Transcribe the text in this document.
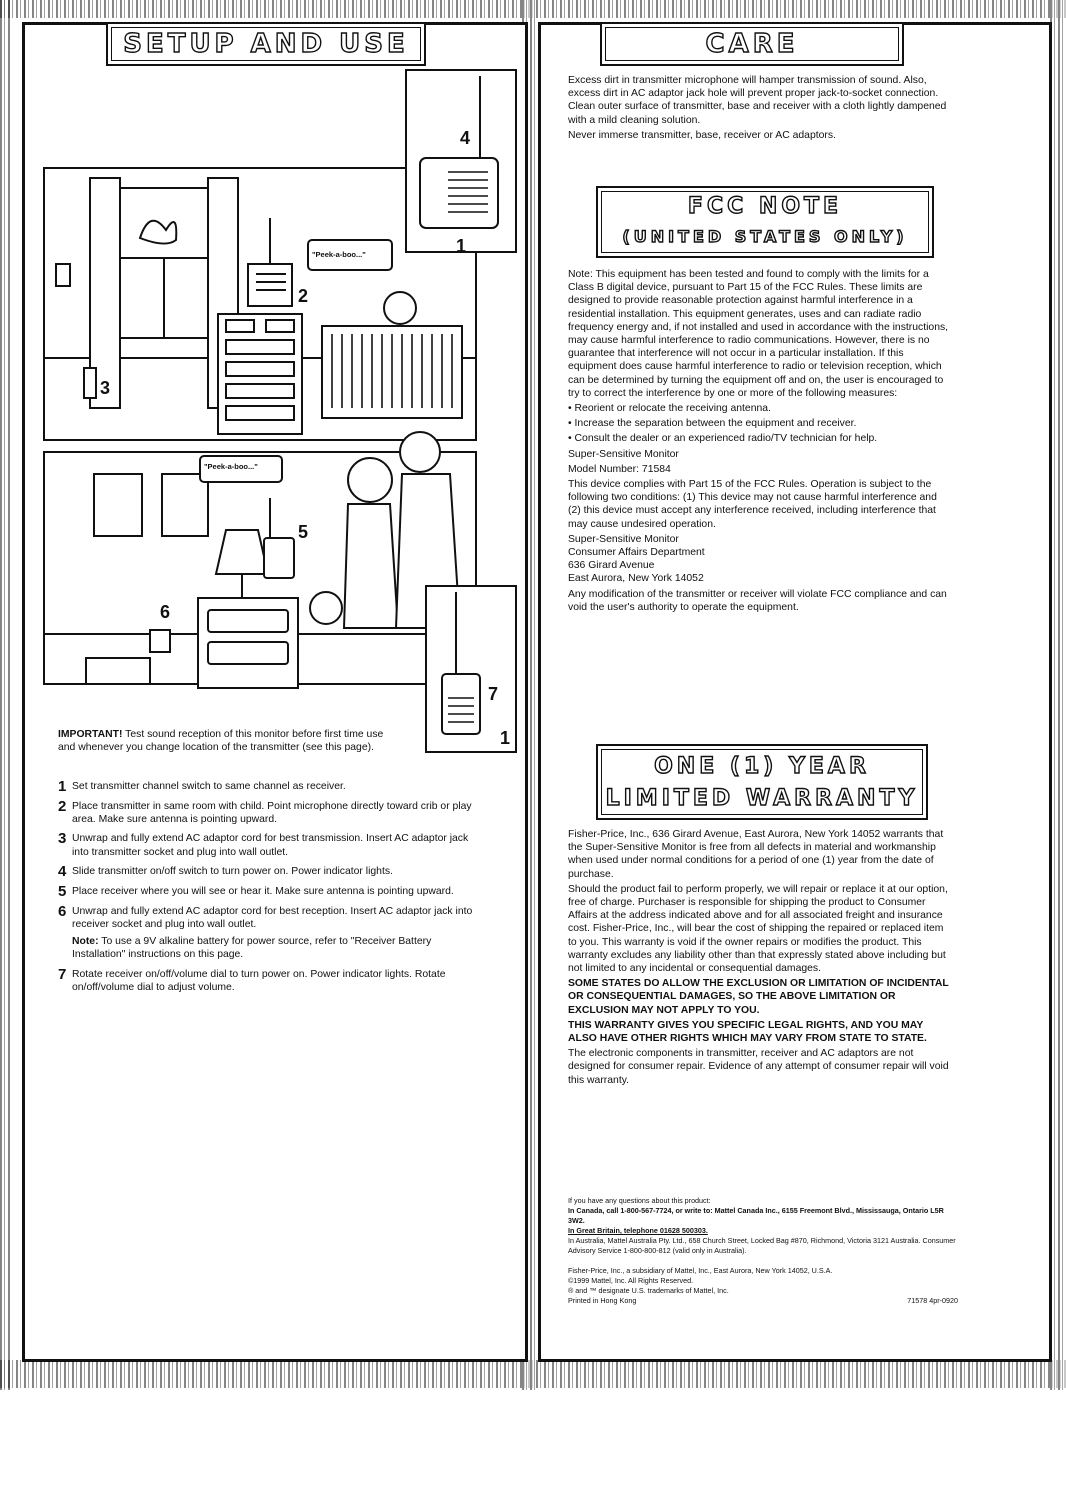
SETUP AND USE
4
1
2
3
5
6
7
1
"Peek-a-boo..."
"Peek-a-boo..."
IMPORTANT! Test sound reception of this monitor before first time use and whenever you change location of the transmitter (see this page).
1 Set transmitter channel switch to same channel as receiver.
2 Place transmitter in same room with child. Point microphone directly toward crib or play area. Make sure antenna is pointing upward.
3 Unwrap and fully extend AC adaptor cord for best transmission. Insert AC adaptor jack into transmitter socket and plug into wall outlet.
4 Slide transmitter on/off switch to turn power on. Power indicator lights.
5 Place receiver where you will see or hear it. Make sure antenna is pointing upward.
6 Unwrap and fully extend AC adaptor cord for best reception. Insert AC adaptor jack into receiver socket and plug into wall outlet.
Note: To use a 9V alkaline battery for power source, refer to "Receiver Battery Installation" instructions on this page.
7 Rotate receiver on/off/volume dial to turn power on. Power indicator lights. Rotate on/off/volume dial to adjust volume.
CARE

Excess dirt in transmitter microphone will hamper transmission of sound. Also, excess dirt in AC adaptor jack hole will prevent proper jack-to-socket connection. Clean outer surface of transmitter, base and receiver with a cloth lightly dampened with a mild cleaning solution.

Never immerse transmitter, base, receiver or AC adaptors.

FCC NOTE
(UNITED STATES ONLY)

Note: This equipment has been tested and found to comply with the limits for a Class B digital device, pursuant to Part 15 of the FCC Rules. These limits are designed to provide reasonable protection against harmful interference in a residential installation. This equipment generates, uses and can radiate radio frequency energy and, if not installed and used in accordance with the instructions, may cause harmful interference to radio communications. However, there is no guarantee that interference will not occur in a particular installation. If this equipment does cause harmful interference to radio or television reception, which can be determined by turning the equipment off and on, the user is encouraged to try to correct the interference by one or more of the following measures:

• Reorient or relocate the receiving antenna.
• Increase the separation between the equipment and receiver.
• Consult the dealer or an experienced radio/TV technician for help.

Super-Sensitive Monitor

Model Number: 71584

This device complies with Part 15 of the FCC Rules. Operation is subject to the following two conditions: (1) This device may not cause harmful interference and (2) this device must accept any interference received, including interference that may cause undesired operation.

Super-Sensitive Monitor
Consumer Affairs Department
636 Girard Avenue
East Aurora, New York 14052

Any modification of the transmitter or receiver will violate FCC compliance and can void the user's authority to operate the equipment.

ONE (1) YEAR
LIMITED WARRANTY

Fisher-Price, Inc., 636 Girard Avenue, East Aurora, New York 14052 warrants that the Super-Sensitive Monitor is free from all defects in material and workmanship when used under normal conditions for a period of one (1) year from the date of purchase.

Should the product fail to perform properly, we will repair or replace it at our option, free of charge. Purchaser is responsible for shipping the product to Consumer Affairs at the address indicated above and for all associated freight and insurance cost. Fisher-Price, Inc., will bear the cost of shipping the repaired or replaced item to you. This warranty is void if the owner repairs or modifies the product. This warranty excludes any liability other than that expressly stated above including but not limited to any incidental or consequential damages.

SOME STATES DO ALLOW THE EXCLUSION OR LIMITATION OF INCIDENTAL OR CONSEQUENTIAL DAMAGES, SO THE ABOVE LIMITATION OR EXCLUSION MAY NOT APPLY TO YOU.

THIS WARRANTY GIVES YOU SPECIFIC LEGAL RIGHTS, AND YOU MAY ALSO HAVE OTHER RIGHTS WHICH MAY VARY FROM STATE TO STATE.

The electronic components in transmitter, receiver and AC adaptors are not designed for consumer repair. Evidence of any attempt of consumer repair will void this warranty.

If you have any questions about this product:
In Canada, call 1-800-567-7724, or write to: Mattel Canada Inc., 6155 Freemont Blvd., Mississauga, Ontario L5R 3W2.
In Great Britain, telephone 01628 500303.
In Australia, Mattel Australia Pty. Ltd., 658 Church Street, Locked Bag #870, Richmond, Victoria 3121 Australia. Consumer Advisory Service 1-800-800-812 (valid only in Australia).
Fisher-Price, Inc., a subsidiary of Mattel, Inc., East Aurora, New York 14052, U.S.A.
©1999 Mattel, Inc. All Rights Reserved.
® and ™ designate U.S. trademarks of Mattel, Inc.
Printed in Hong Kong	71578 4pr-0920
